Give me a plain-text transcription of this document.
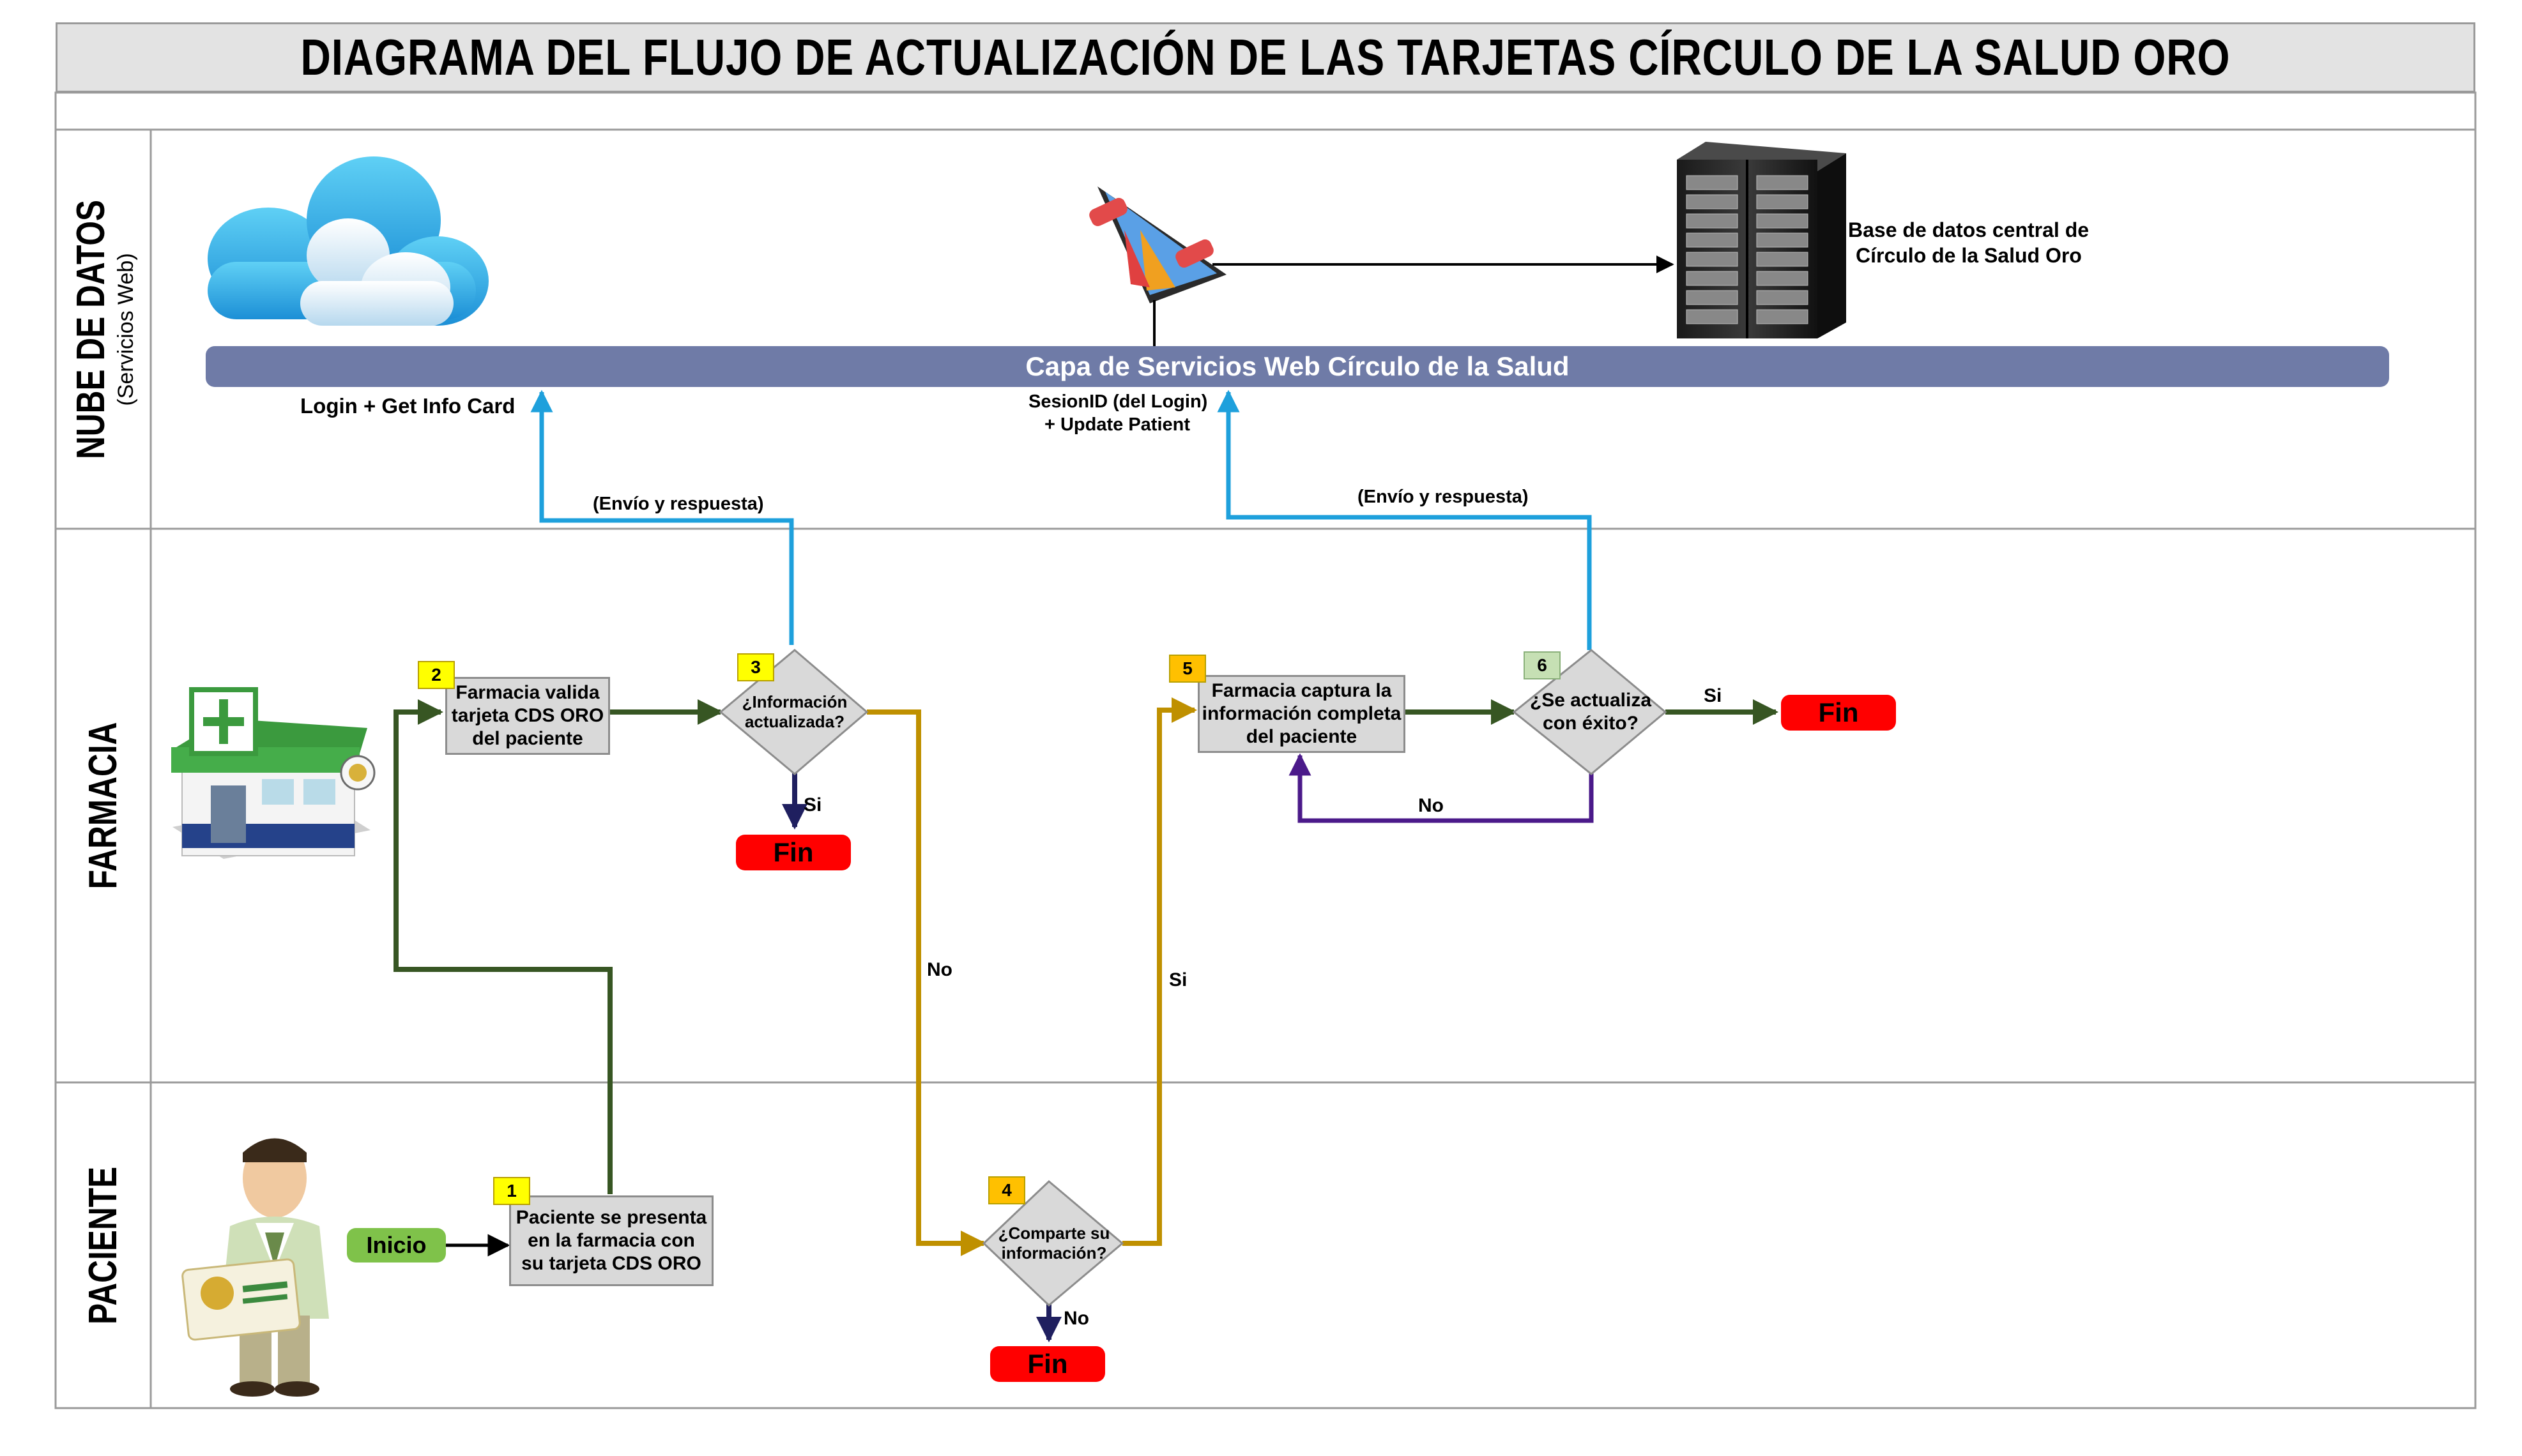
DIAGRAMA DEL FLUJO DE ACTUALIZACIÓN DE LAS TARJETAS CÍRCULO DE LA SALUD ORO
NUBE DE DATOS (Servicios Web)
FARMACIA
PACIENTE
Capa de Servicios Web Círculo de la Salud
Base de datos central de
Círculo de la Salud Oro
Login + Get Info Card	SesionID (del Login)
+ Update Patient
(Envío y respuesta)	(Envío y respuesta)
Inicio
Paciente se presenta
en la farmacia con
su tarjeta CDS ORO
1
Farmacia valida
tarjeta CDS ORO
del paciente
2
¿Información
actualizada?
3
¿Comparte su
información?
4
Farmacia captura la
información completa
del paciente
5
¿Se actualiza
con éxito?
6
Fin
Fin
Fin
Si
No
No
Si
Si
No
